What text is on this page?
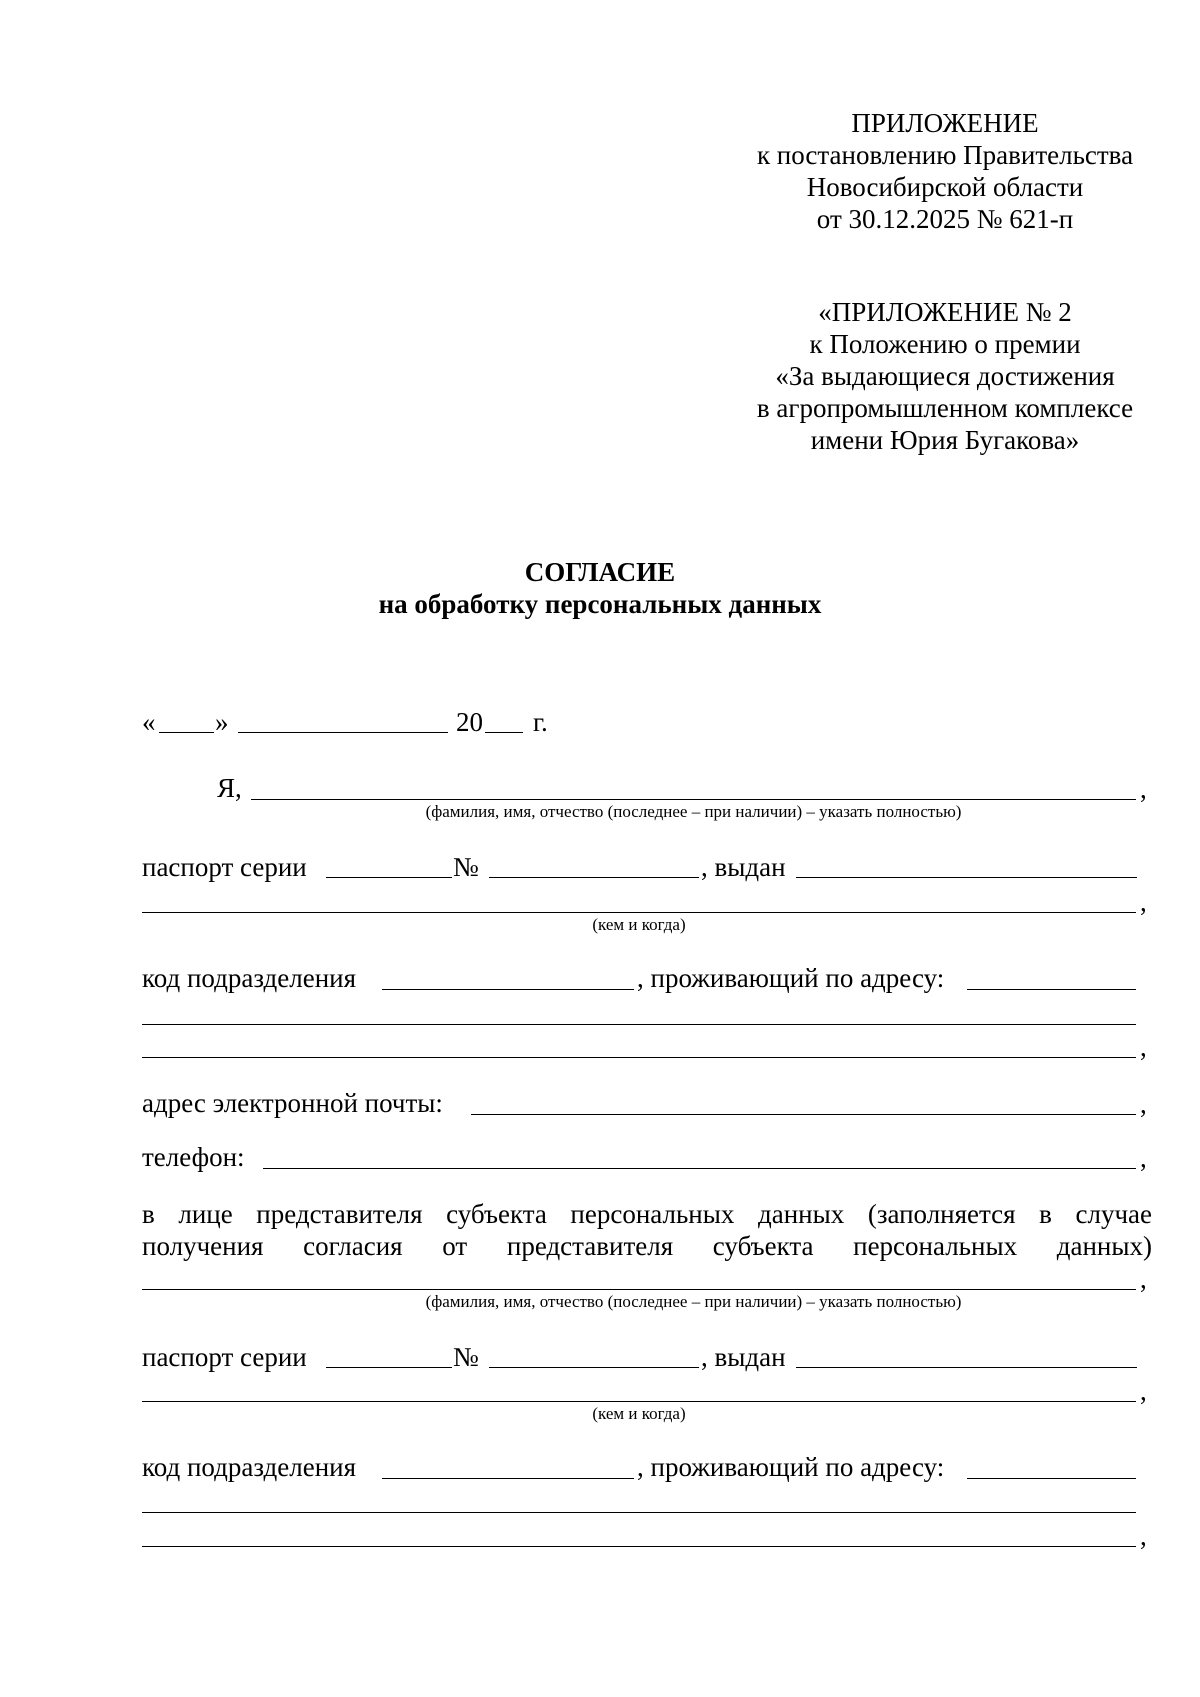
ПРИЛОЖЕНИЕ
к постановлению Правительства
Новосибирской области
от 30.12.2025 № 621-п
«ПРИЛОЖЕНИЕ № 2
к Положению о премии
«За выдающиеся достижения
в агропромышленном комплексе
имени Юрия Бугакова»
СОГЛАСИЕ
на обработку персональных данных
« »	20 г.
Я,	,
(фамилия, имя, отчество (последнее – при наличии) – указать полностью)
паспорт серии	№	, выдан
,
(кем и когда)
код подразделения	, проживающий по адресу:
,
адрес электронной почты:	,
телефон:	,
в лице представителя субъекта персональных данных (заполняется в случае
получения согласия от представителя субъекта персональных данных)
,
(фамилия, имя, отчество (последнее – при наличии) – указать полностью)
паспорт серии	№	, выдан
,
(кем и когда)
код подразделения	, проживающий по адресу:
,
